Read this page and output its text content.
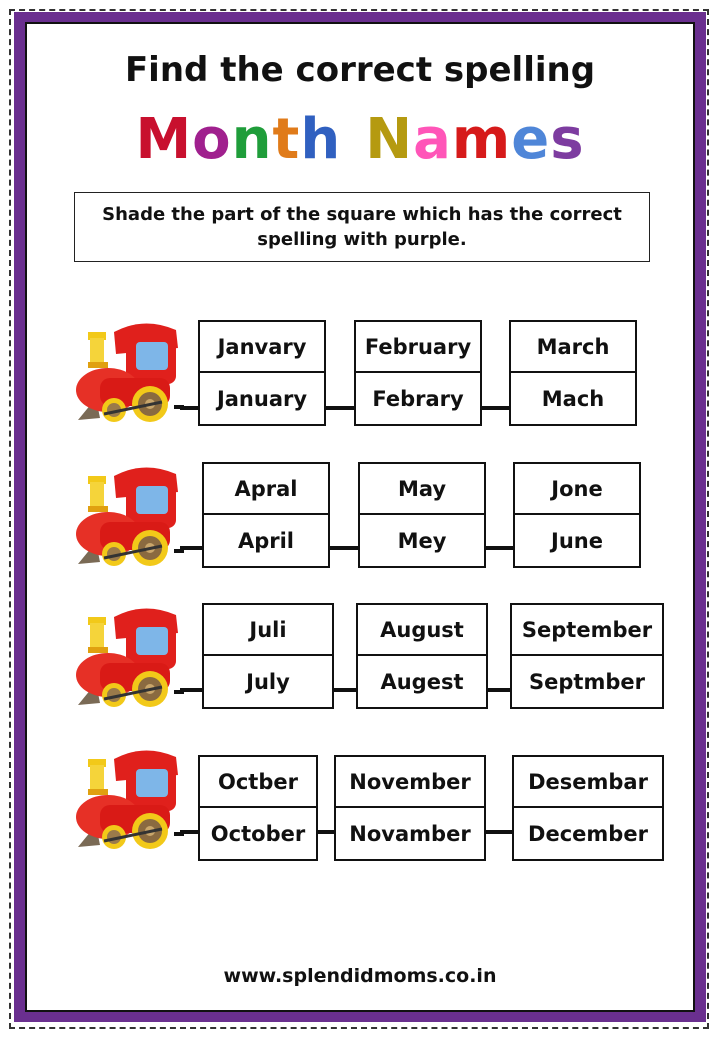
Find the correct spelling
Month Names
Shade the part of the square which has the correct spelling with purple.
Janvary
January
February
Febrary
March
Mach
Apral
April
May
Mey
Jone
June
Juli
July
August
Augest
September
Septmber
Octber
October
November
Novamber
Desembar
December
www.splendidmoms.co.in
